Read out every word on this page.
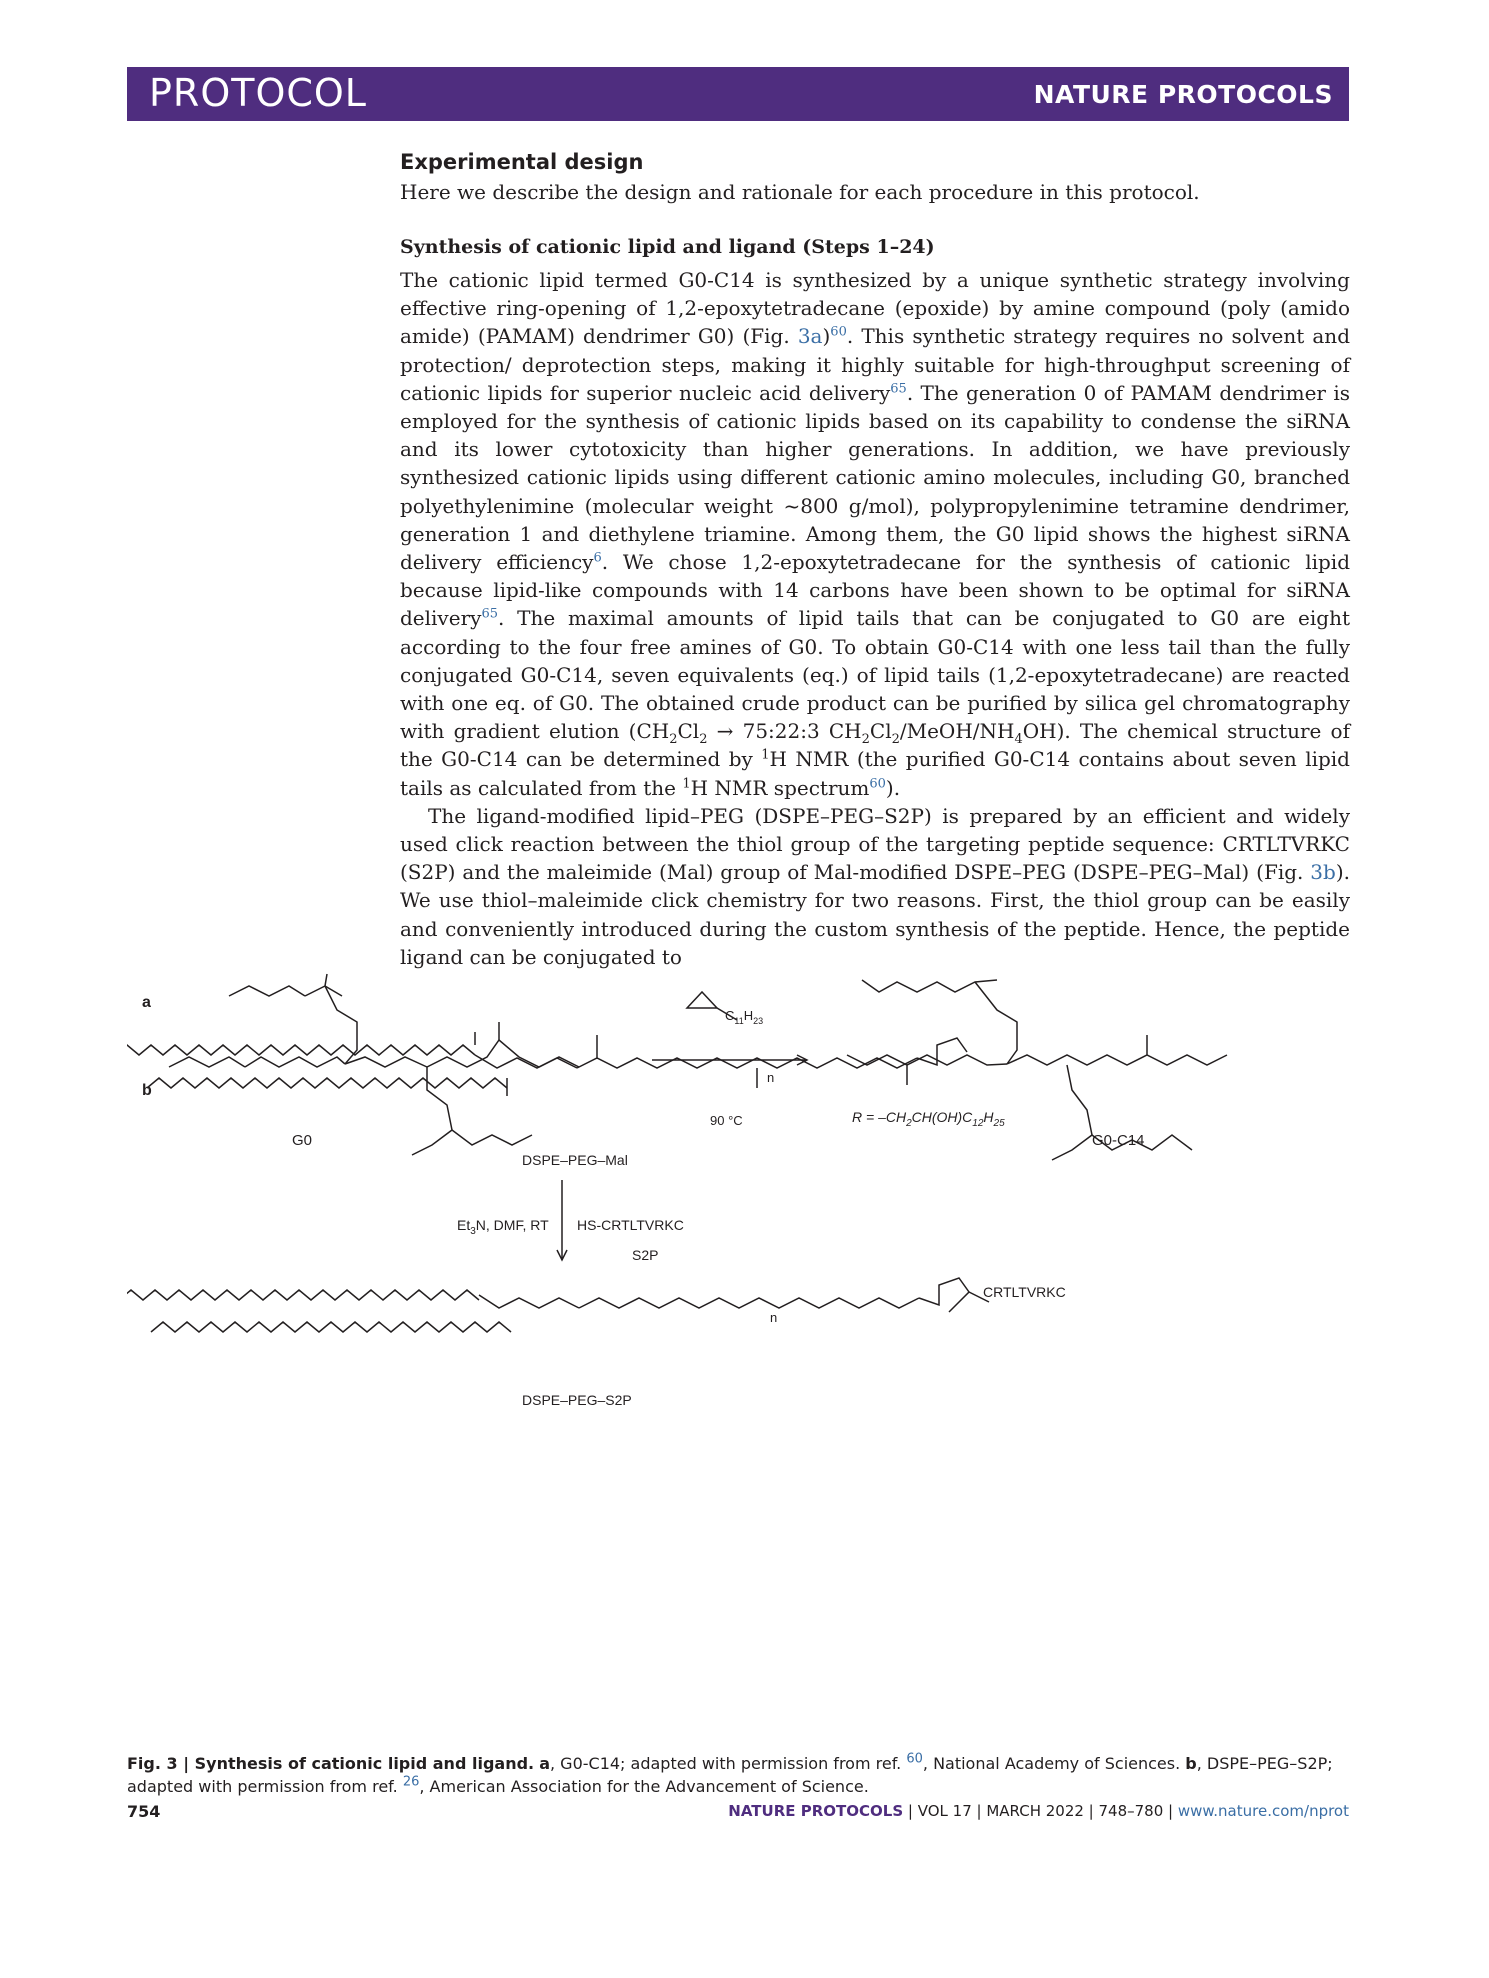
PROTOCOL	NATURE PROTOCOLS
Experimental design
Here we describe the design and rationale for each procedure in this protocol.
Synthesis of cationic lipid and ligand (Steps 1–24)

The cationic lipid termed G0-C14 is synthesized by a unique synthetic strategy involving effective ring-opening of 1,2-epoxytetradecane (epoxide) by amine compound (poly (amido amide) (PAMAM) dendrimer G0) (Fig. 3a)$^{60}$. This synthetic strategy requires no solvent and protection/ deprotection steps, making it highly suitable for high-throughput screening of cationic lipids for superior nucleic acid delivery$^{65}$. The generation 0 of PAMAM dendrimer is employed for the synthesis of cationic lipids based on its capability to condense the siRNA and its lower cytotoxicity than higher generations. In addition, we have previously synthesized cationic lipids using different cationic amino molecules, including G0, branched polyethylenimine (molecular weight ~800 g/mol), polypropylenimine tetramine dendrimer, generation 1 and diethylene triamine. Among them, the G0 lipid shows the highest siRNA delivery efficiency$^6$. We chose 1,2-epoxytetradecane for the synthesis of cationic lipid because lipid-like compounds with 14 carbons have been shown to be optimal for siRNA delivery$^{65}$. The maximal amounts of lipid tails that can be conjugated to G0 are eight according to the four free amines of G0. To obtain G0-C14 with one less tail than the fully conjugated G0-C14, seven equivalents (eq.) of lipid tails (1,2-epoxytetradecane) are reacted with one eq. of G0. The obtained crude product can be purified by silica gel chromatography with gradient elution ($CH_2Cl_2$ → 75:22:3 $CH_2Cl_2/MeOH/NH_4OH$). The chemical structure of the G0-C14 can be determined by $^1$H NMR (the purified G0-C14 contains about seven lipid tails as calculated from the $^1$H NMR spectrum$^{60}$).

The ligand-modified lipid–PEG (DSPE–PEG–S2P) is prepared by an efficient and widely used click reaction between the thiol group of the targeting peptide sequence: CRTLTVRKC (S2P) and the maleimide (Mal) group of Mal-modified DSPE–PEG (DSPE–PEG–Mal) (Fig. 3b). We use thiol–maleimide click chemistry for two reasons. First, the thiol group can be easily and conveniently introduced during the custom synthesis of the peptide. Hence, the peptide ligand can be conjugated to

a
G0	G0-C14
90 °C
$C_{11}H_{23}$
$R = -CH_2CH(OH)C_{12}H_{25}$
b
DSPE–PEG–Mal
$Et_3N$, DMF, RT HS-CRTLTVRKC
S2P
DSPE–PEG–S2P
CRTLTVRKC
n
n
Fig. 3 | Synthesis of cationic lipid and ligand. a, G0-C14; adapted with permission from ref. $^{60}$, National Academy of Sciences. b, DSPE–PEG–S2P; adapted with permission from ref. $^{26}$, American Association for the Advancement of Science.
754	NATURE PROTOCOLS | VOL 17 | MARCH 2022 | 748–780 | www.nature.com/nprot
